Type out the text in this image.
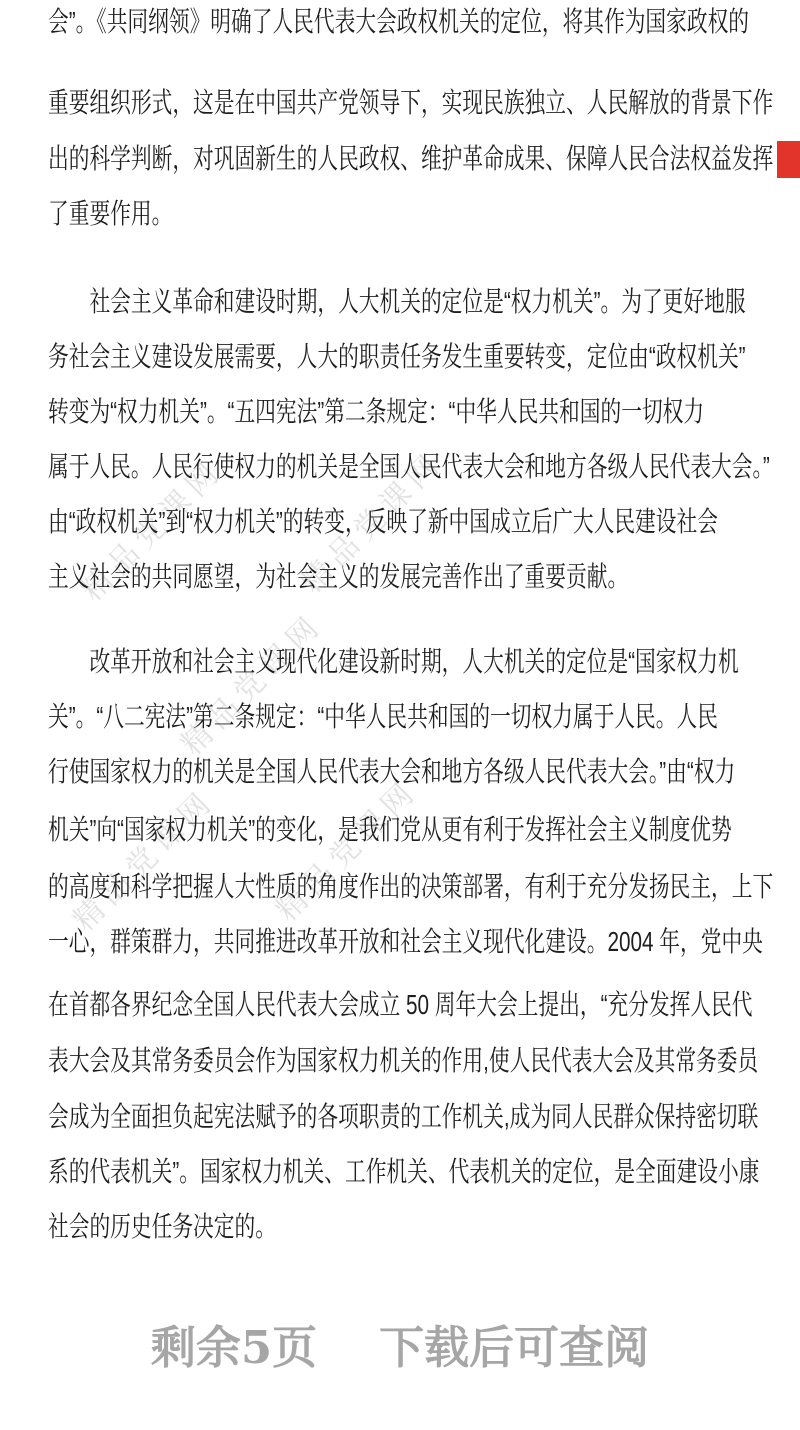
精品党课网 精品党课网
精品党课网
精品党课网 精品党课网
会”。《共同纲领》明确了人民代表大会政权机关的定位，将其作为国家政权的
重要组织形式，这是在中国共产党领导下，实现民族独立、人民解放的背景下作
出的科学判断，对巩固新生的人民政权、维护革命成果、保障人民合法权益发挥
了重要作用。
　　社会主义革命和建设时期，人大机关的定位是“权力机关”。为了更好地服
务社会主义建设发展需要，人大的职责任务发生重要转变，定位由“政权机关”
转变为“权力机关”。“五四宪法”第二条规定：“中华人民共和国的一切权力
属于人民。人民行使权力的机关是全国人民代表大会和地方各级人民代表大会。”
由“政权机关”到“权力机关”的转变，反映了新中国成立后广大人民建设社会
主义社会的共同愿望，为社会主义的发展完善作出了重要贡献。
　　改革开放和社会主义现代化建设新时期，人大机关的定位是“国家权力机
关”。“八二宪法”第二条规定：“中华人民共和国的一切权力属于人民。人民
行使国家权力的机关是全国人民代表大会和地方各级人民代表大会。”由“权力
机关”向“国家权力机关”的变化，是我们党从更有利于发挥社会主义制度优势
的高度和科学把握人大性质的角度作出的决策部署，有利于充分发扬民主，上下
一心，群策群力，共同推进改革开放和社会主义现代化建设。2004 年，党中央
在首都各界纪念全国人民代表大会成立 50 周年大会上提出，“充分发挥人民代
表大会及其常务委员会作为国家权力机关的作用,使人民代表大会及其常务委员
会成为全面担负起宪法赋予的各项职责的工作机关,成为同人民群众保持密切联
系的代表机关”。国家权力机关、工作机关、代表机关的定位，是全面建设小康
社会的历史任务决定的。
剩余5页 下载后可查阅
